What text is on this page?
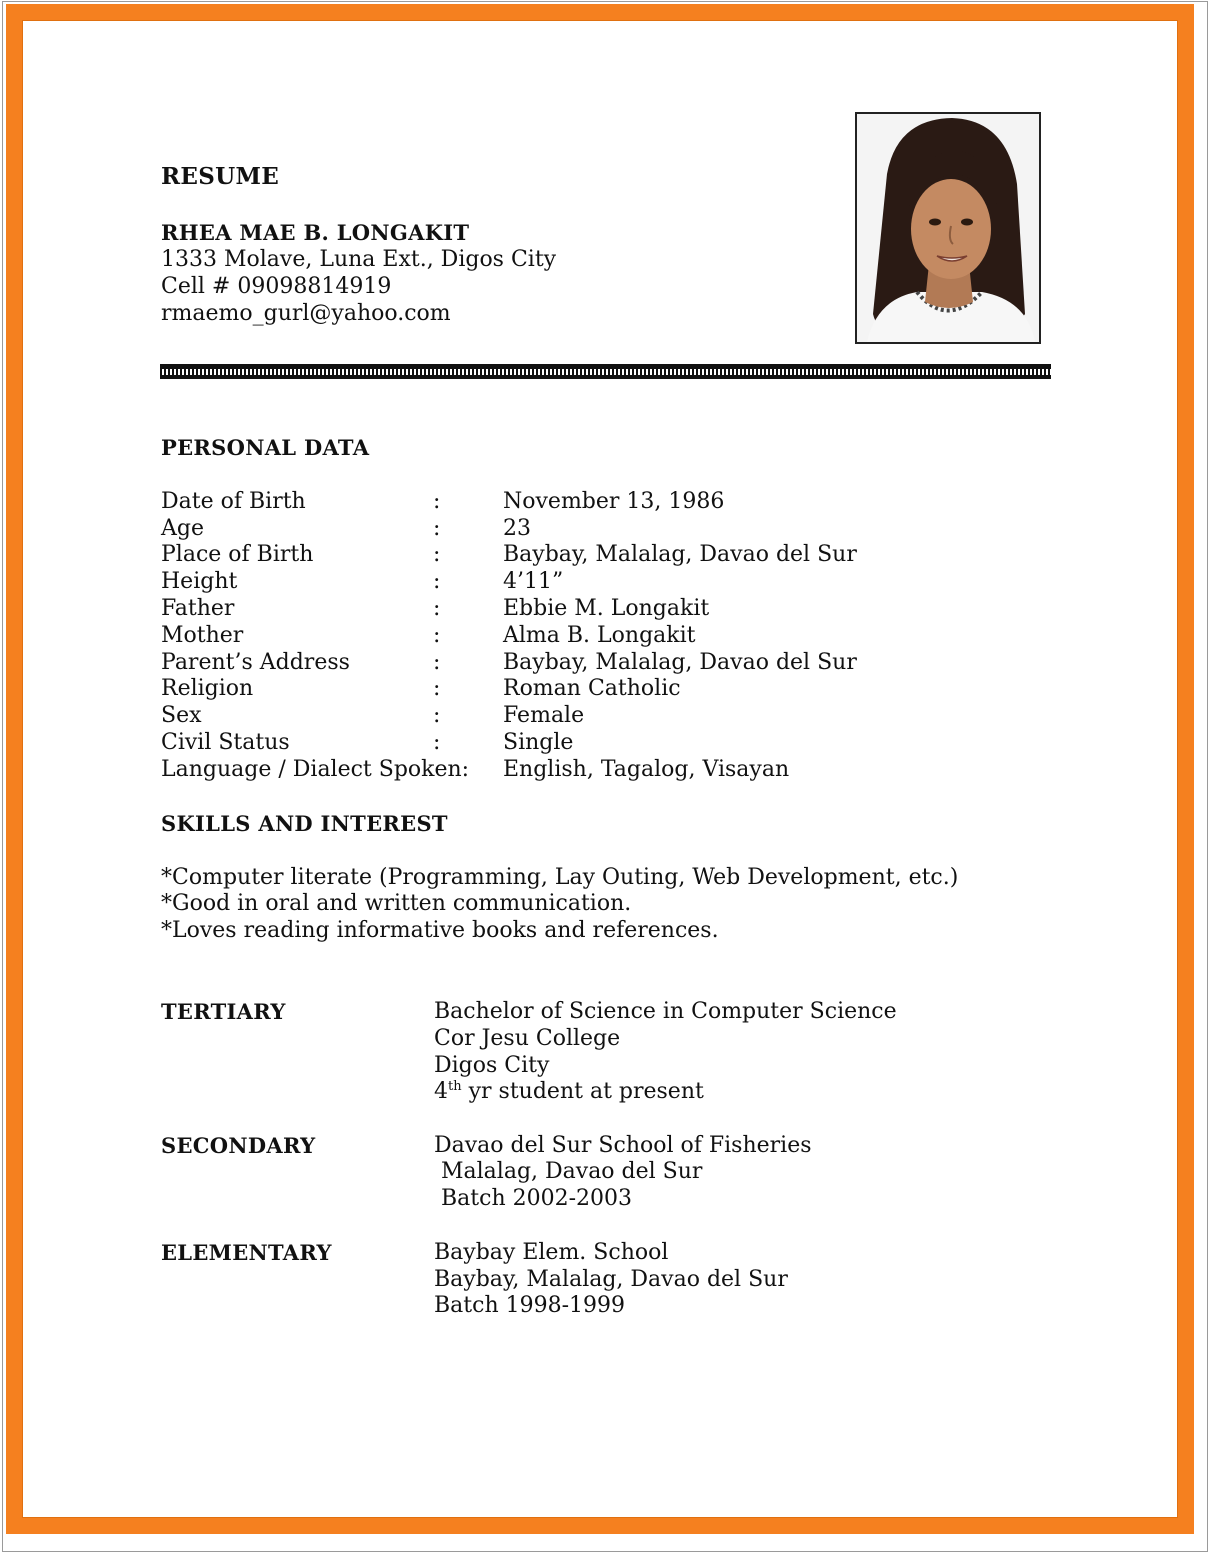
RESUME
RHEA MAE B. LONGAKIT
1333 Molave, Luna Ext., Digos City
Cell # 09098814919
rmaemo_gurl@yahoo.com
PERSONAL DATA
Date of Birth	:	November 13, 1986
Age	:	23
Place of Birth	:	Baybay, Malalag, Davao del Sur
Height	:	4’11”
Father	:	Ebbie M. Longakit
Mother	:	Alma B. Longakit
Parent’s Address	:	Baybay, Malalag, Davao del Sur
Religion	:	Roman Catholic
Sex	:	Female
Civil Status	:	Single
Language / Dialect Spoken: English, Tagalog, Visayan
SKILLS AND INTEREST
*Computer literate (Programming, Lay Outing, Web Development, etc.)
*Good in oral and written communication.
*Loves reading informative books and references.
TERTIARY	Bachelor of Science in Computer Science
Cor Jesu College
Digos City
4th yr student at present
SECONDARY	Davao del Sur School of Fisheries
Malalag, Davao del Sur
Batch 2002-2003
ELEMENTARY	Baybay Elem. School
Baybay, Malalag, Davao del Sur
Batch 1998-1999
